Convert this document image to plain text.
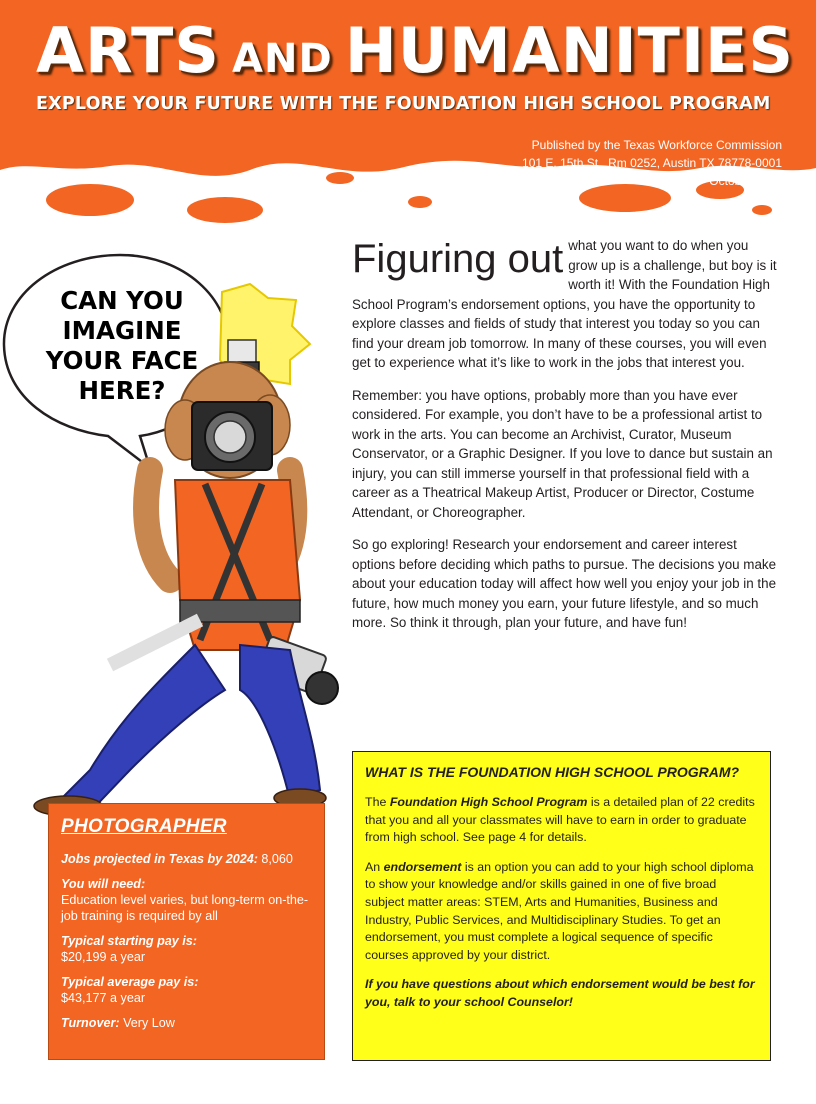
ARTS AND HUMANITIES
EXPLORE YOUR FUTURE WITH THE FOUNDATION HIGH SCHOOL PROGRAM
Published by the Texas Workforce Commission
101 E. 15th St., Rm 0252, Austin TX 78778-0001
October 2016
CAN YOU
IMAGINE
YOUR FACE
HERE?

Figuring out what you want to do when you grow up is a challenge, but boy is it worth it! With the Foundation High School Program’s endorsement options, you have the opportunity to explore classes and fields of study that interest you today so you can find your dream job tomorrow. In many of these courses, you will even get to experience what it’s like to work in the jobs that interest you.

Remember: you have options, probably more than you have ever considered. For example, you don’t have to be a professional artist to work in the arts. You can become an Archivist, Curator, Museum Conservator, or a Graphic Designer. If you love to dance but sustain an injury, you can still immerse yourself in that professional field with a career as a Theatrical Makeup Artist, Producer or Director, Costume Attendant, or Choreographer.

So go exploring! Research your endorsement and career interest options before deciding which paths to pursue. The decisions you make about your education today will affect how well you enjoy your job in the future, how much money you earn, your future lifestyle, and so much more. So think it through, plan your future, and have fun!

PHOTOGRAPHER
Jobs projected in Texas by 2024: 8,060
You will need:
Education level varies, but long-term on-the-job training is required by all
Typical starting pay is:
$20,199 a year
Typical average pay is:
$43,177 a year
Turnover: Very Low
WHAT IS THE FOUNDATION HIGH SCHOOL PROGRAM?

The Foundation High School Program is a detailed plan of 22 credits that you and all your classmates will have to earn in order to graduate from high school. See page 4 for details.

An endorsement is an option you can add to your high school diploma to show your knowledge and/or skills gained in one of five broad subject matter areas: STEM, Arts and Humanities, Business and Industry, Public Services, and Multidisciplinary Studies. To get an endorsement, you must complete a logical sequence of specific courses approved by your district.

If you have questions about which endorsement would be best for you, talk to your school Counselor!
